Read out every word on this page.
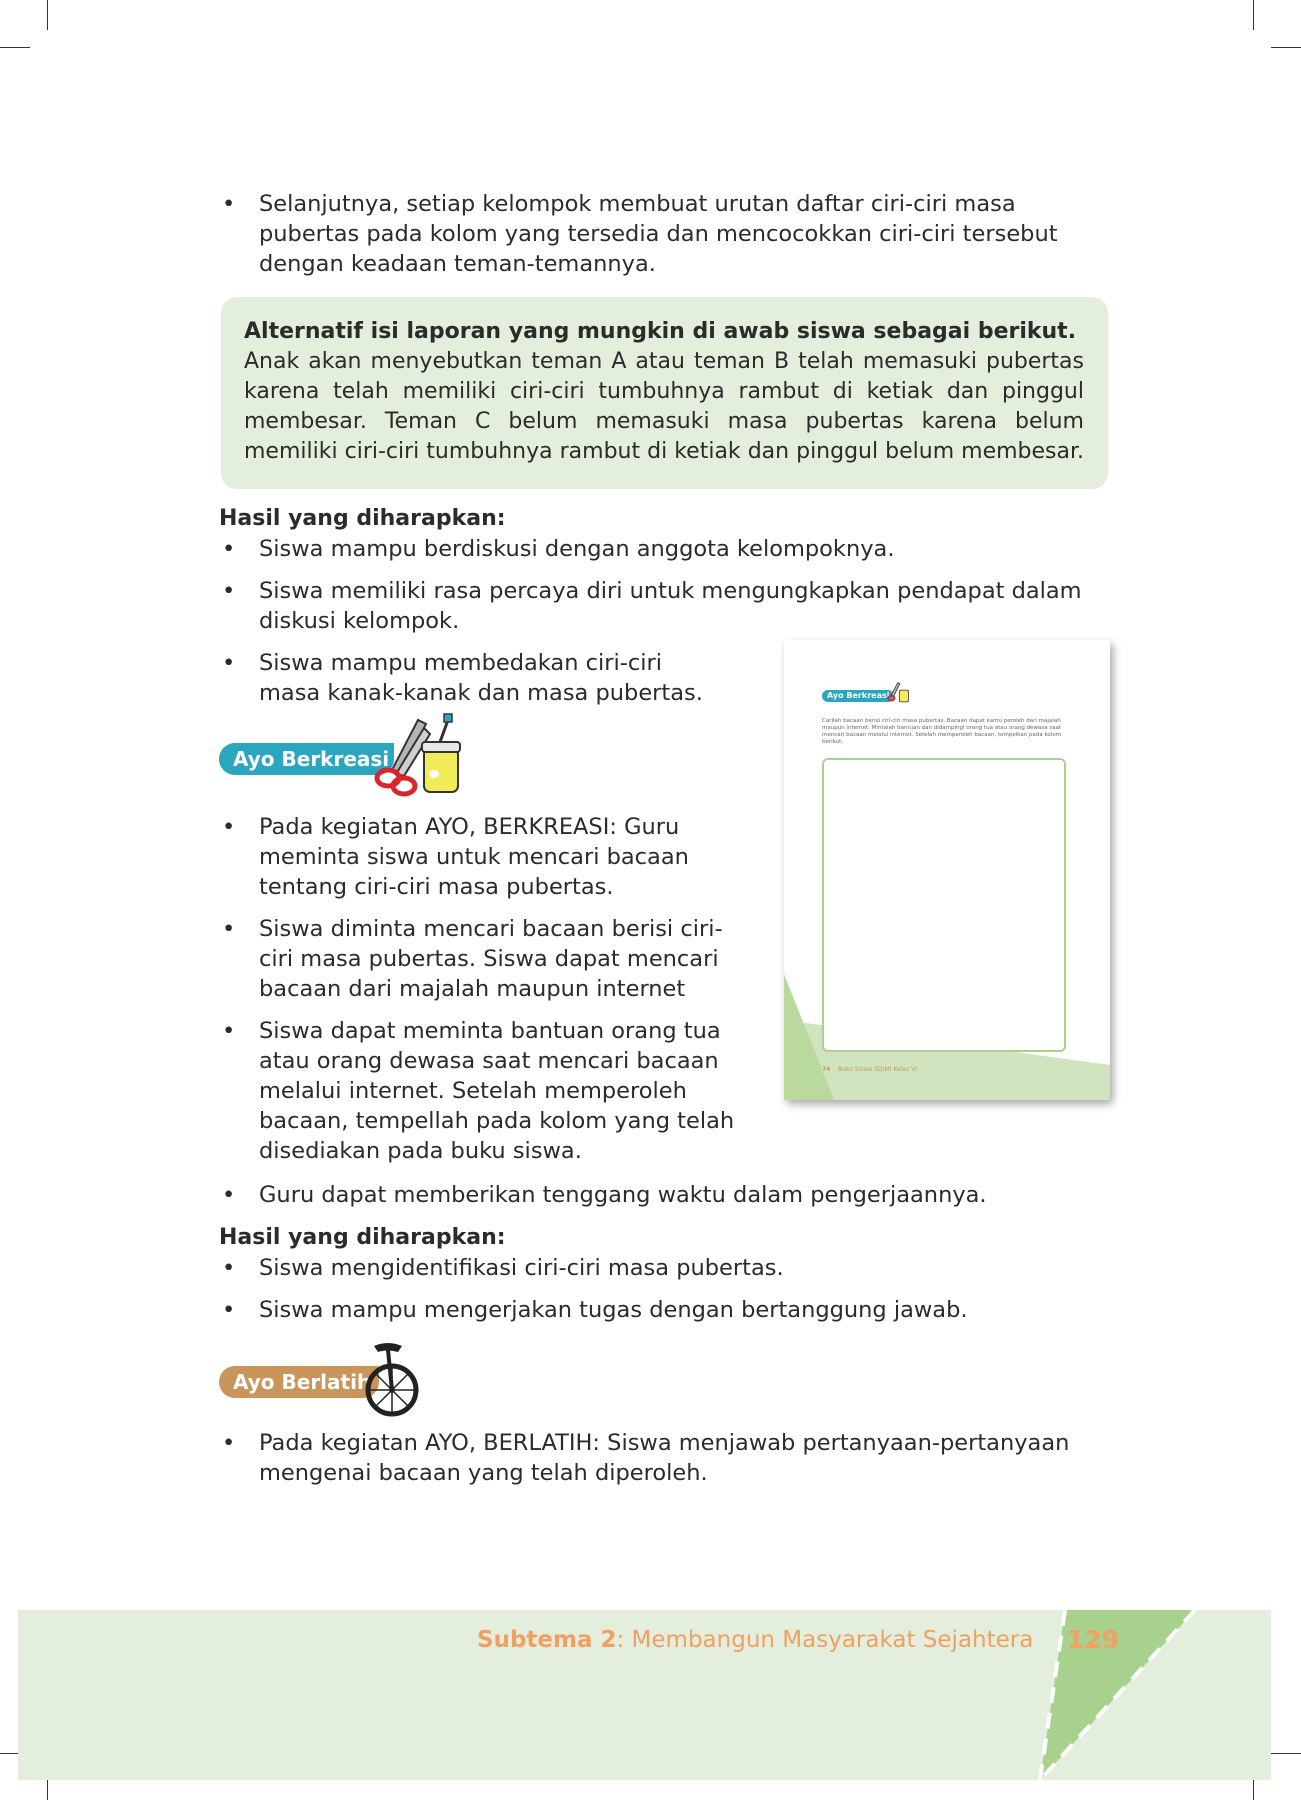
• Selanjutnya, setiap kelompok membuat urutan daftar ciri-ciri masa pubertas pada kolom yang tersedia dan mencocokkan ciri-ciri tersebut dengan keadaan teman-temannya.
Alternatif isi laporan yang mungkin di awab siswa sebagai berikut.
Anak akan menyebutkan teman A atau teman B telah memasuki pubertas
karena telah memiliki ciri-ciri tumbuhnya rambut di ketiak dan pinggul
membesar. Teman C belum memasuki masa pubertas karena belum
memiliki ciri-ciri tumbuhnya rambut di ketiak dan pinggul belum membesar.
Hasil yang diharapkan:
• Siswa mampu berdiskusi dengan anggota kelompoknya.
• Siswa memiliki rasa percaya diri untuk mengungkapkan pendapat dalam diskusi kelompok.
• Siswa mampu membedakan ciri-ciri masa kanak-kanak dan masa pubertas.
Ayo Berkreasi
• Pada kegiatan AYO, BERKREASI: Guru meminta siswa untuk mencari bacaan tentang ciri-ciri masa pubertas.
• Siswa diminta mencari bacaan berisi ciri-ciri masa pubertas. Siswa dapat mencari bacaan dari majalah maupun internet
• Siswa dapat meminta bantuan orang tua atau orang dewasa saat mencari bacaan melalui internet. Setelah memperoleh bacaan, tempellah pada kolom yang telah disediakan pada buku siswa.
• Guru dapat memberikan tenggang waktu dalam pengerjaannya.
Ayo Berkreasi
Carilah bacaan berisi ciri-ciri masa pubertas. Bacaan dapat kamu peroleh dari majalah maupun internet. Mintalah bantuan dan didampingi orang tua atau orang dewasa saat mencari bacaan melalui internet. Setelah memperoleh bacaan, tempelkan pada kolom berikut.
74 Buku Siswa SD/MI Kelas VI
Hasil yang diharapkan:
• Siswa mengidentifikasi ciri-ciri masa pubertas.
• Siswa mampu mengerjakan tugas dengan bertanggung jawab.
Ayo Berlatih
• Pada kegiatan AYO, BERLATIH: Siswa menjawab pertanyaan-pertanyaan mengenai bacaan yang telah diperoleh.
Subtema 2: Membangun Masyarakat Sejahtera 129
